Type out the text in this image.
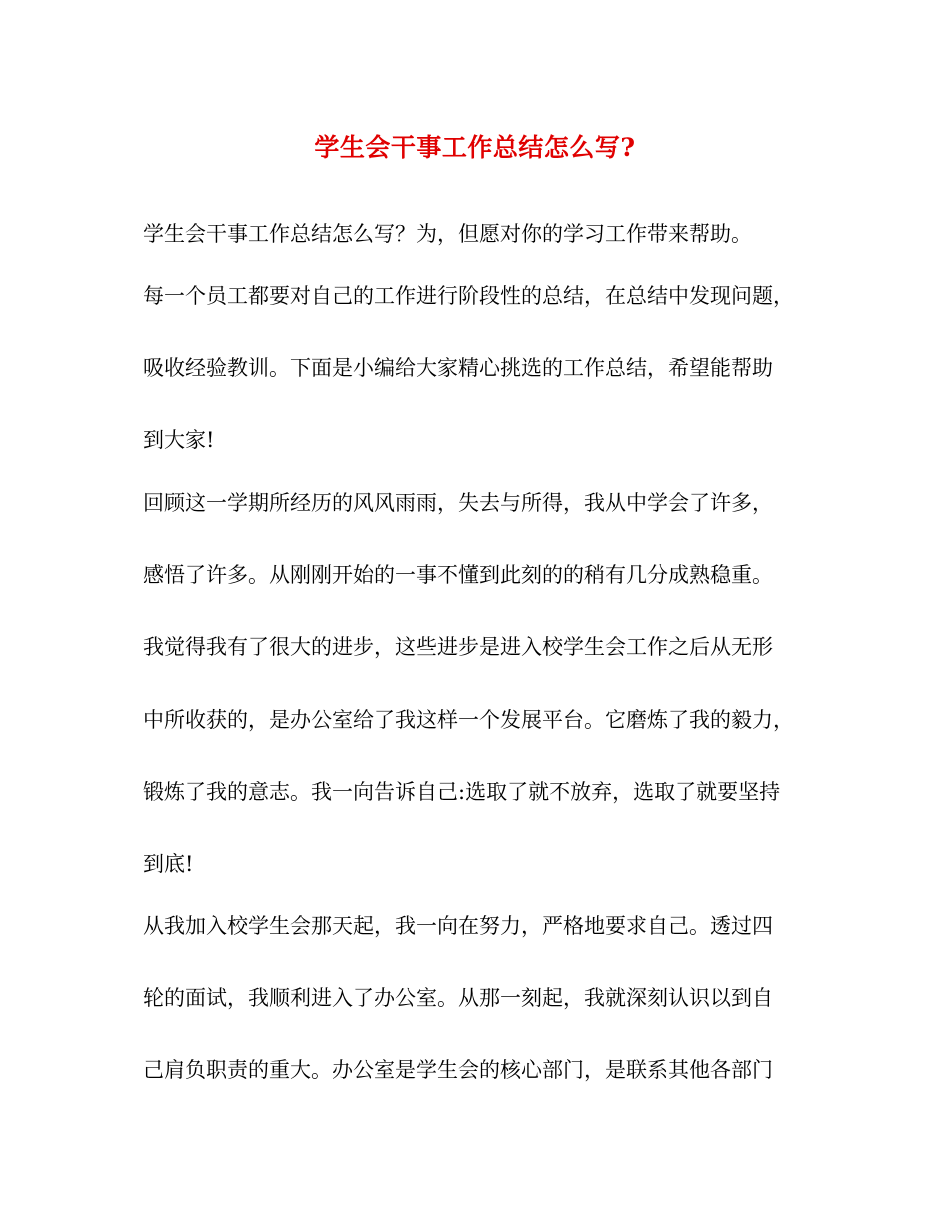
学生会干事工作总结怎么写?
学生会干事工作总结怎么写？为，但愿对你的学习工作带来帮助。
每一个员工都要对自己的工作进行阶段性的总结，在总结中发现问题，
吸收经验教训。下面是小编给大家精心挑选的工作总结，希望能帮助
到大家!
回顾这一学期所经历的风风雨雨，失去与所得，我从中学会了许多，
感悟了许多。从刚刚开始的一事不懂到此刻的的稍有几分成熟稳重。
我觉得我有了很大的进步，这些进步是进入校学生会工作之后从无形
中所收获的，是办公室给了我这样一个发展平台。它磨炼了我的毅力，
锻炼了我的意志。我一向告诉自己:选取了就不放弃，选取了就要坚持
到底!
从我加入校学生会那天起，我一向在努力，严格地要求自己。透过四
轮的面试，我顺利进入了办公室。从那一刻起，我就深刻认识以到自
己肩负职责的重大。办公室是学生会的核心部门，是联系其他各部门
